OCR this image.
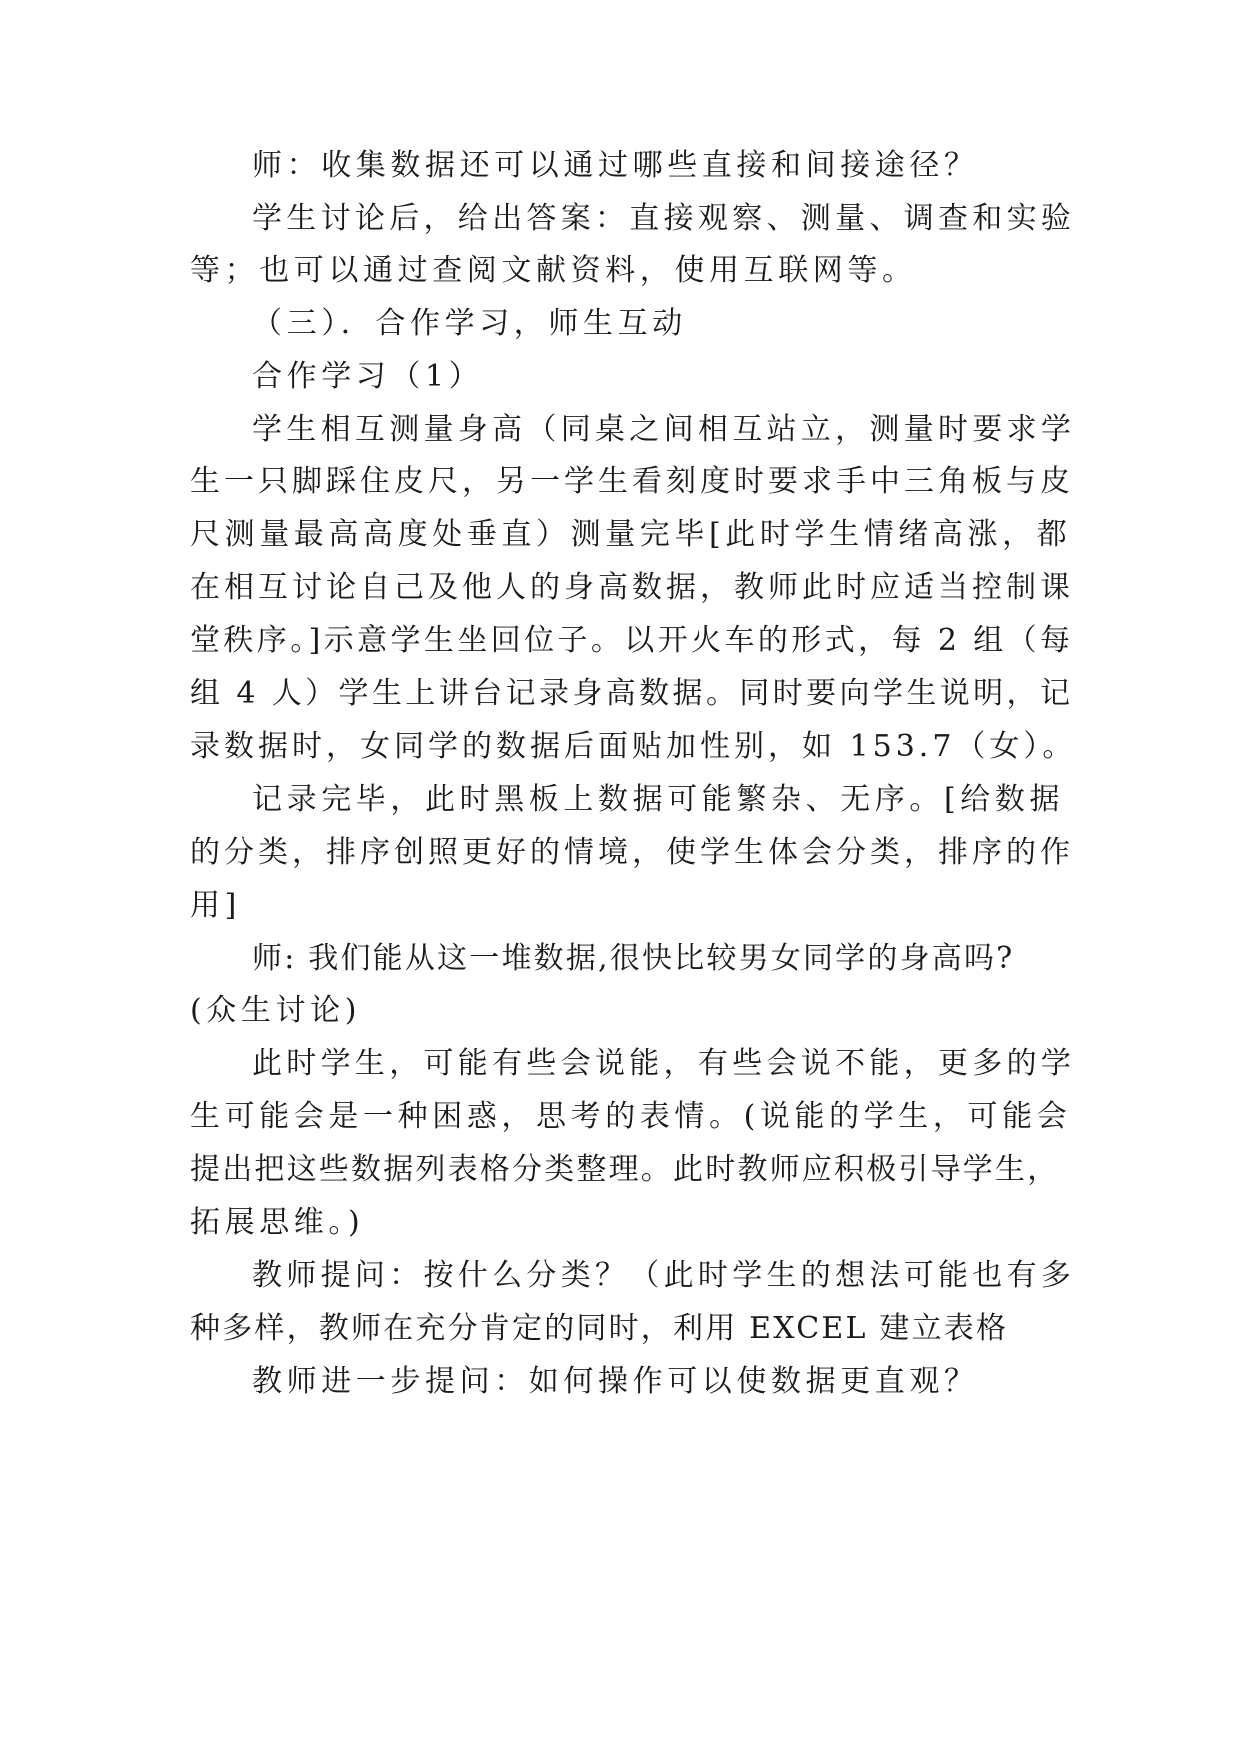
师：收集数据还可以通过哪些直接和间接途径？
学生讨论后，给出答案：直接观察、测量、调查和实验
等；也可以通过查阅文献资料，使用互联网等。
（三）．合作学习，师生互动
合作学习（1）
学生相互测量身高（同桌之间相互站立，测量时要求学
生一只脚踩住皮尺，另一学生看刻度时要求手中三角板与皮
尺测量最高高度处垂直）测量完毕[此时学生情绪高涨，都
在相互讨论自己及他人的身高数据，教师此时应适当控制课
堂秩序。]示意学生坐回位子。以开火车的形式，每 2 组（每
组 4 人）学生上讲台记录身高数据。同时要向学生说明，记
录数据时，女同学的数据后面贴加性别，如 153.7（女）。
记录完毕，此时黑板上数据可能繁杂、无序。[给数据
的分类，排序创照更好的情境，使学生体会分类，排序的作
用]
师: 我们能从这一堆数据,很快比较男女同学的身高吗?
(众生讨论)
此时学生，可能有些会说能，有些会说不能，更多的学
生可能会是一种困惑，思考的表情。(说能的学生，可能会
提出把这些数据列表格分类整理。此时教师应积极引导学生，
拓展思维。)
教师提问：按什么分类？（此时学生的想法可能也有多
种多样，教师在充分肯定的同时，利用 EXCEL 建立表格
教师进一步提问：如何操作可以使数据更直观？
